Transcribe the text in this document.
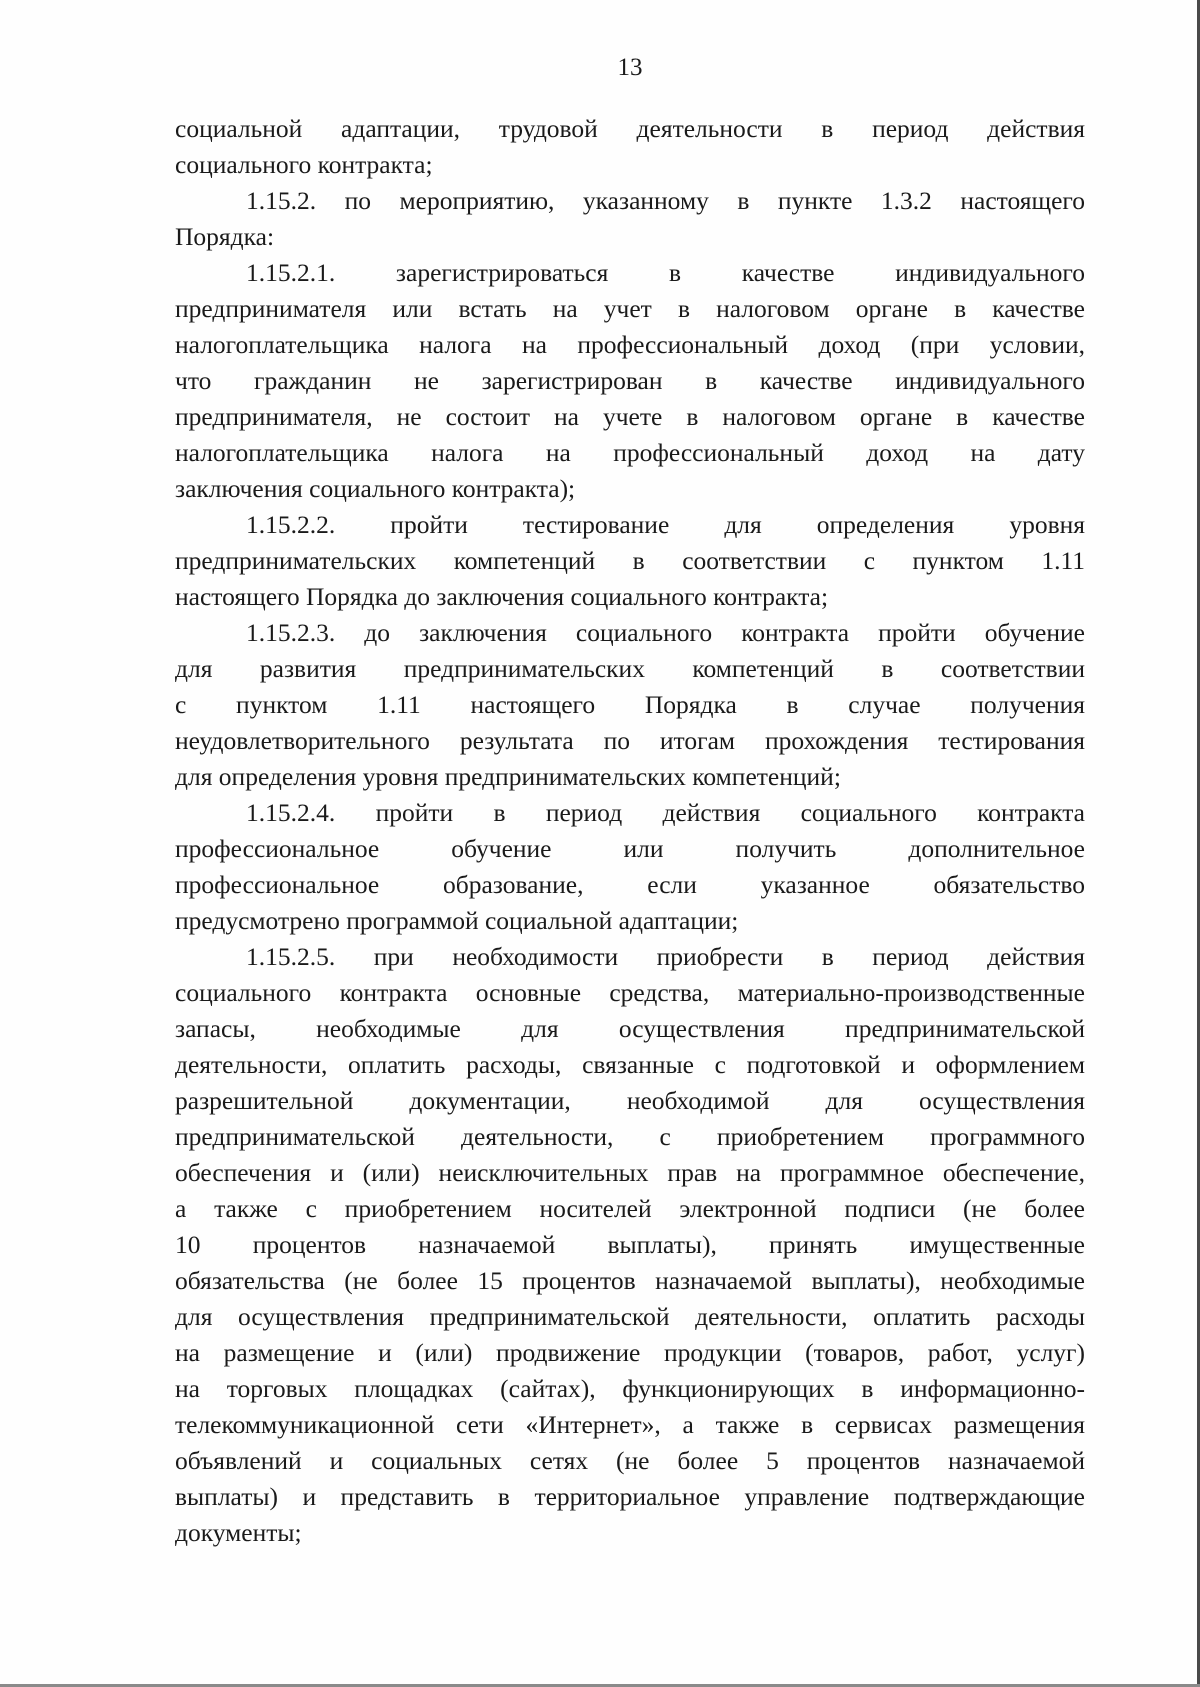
13
социальной адаптации, трудовой деятельности в период действия
социального контракта;
1.15.2. по мероприятию, указанному в пункте 1.3.2 настоящего
Порядка:
1.15.2.1. зарегистрироваться в качестве индивидуального
предпринимателя или встать на учет в налоговом органе в качестве
налогоплательщика налога на профессиональный доход (при условии,
что гражданин не зарегистрирован в качестве индивидуального
предпринимателя, не состоит на учете в налоговом органе в качестве
налогоплательщика налога на профессиональный доход на дату
заключения социального контракта);
1.15.2.2. пройти тестирование для определения уровня
предпринимательских компетенций в соответствии с пунктом 1.11
настоящего Порядка до заключения социального контракта;
1.15.2.3. до заключения социального контракта пройти обучение
для развития предпринимательских компетенций в соответствии
с пунктом 1.11 настоящего Порядка в случае получения
неудовлетворительного результата по итогам прохождения тестирования
для определения уровня предпринимательских компетенций;
1.15.2.4. пройти в период действия социального контракта
профессиональное обучение или получить дополнительное
профессиональное образование, если указанное обязательство
предусмотрено программой социальной адаптации;
1.15.2.5. при необходимости приобрести в период действия
социального контракта основные средства, материально-производственные
запасы, необходимые для осуществления предпринимательской
деятельности, оплатить расходы, связанные с подготовкой и оформлением
разрешительной документации, необходимой для осуществления
предпринимательской деятельности, с приобретением программного
обеспечения и (или) неисключительных прав на программное обеспечение,
а также с приобретением носителей электронной подписи (не более
10 процентов назначаемой выплаты), принять имущественные
обязательства (не более 15 процентов назначаемой выплаты), необходимые
для осуществления предпринимательской деятельности, оплатить расходы
на размещение и (или) продвижение продукции (товаров, работ, услуг)
на торговых площадках (сайтах), функционирующих в информационно-
телекоммуникационной сети «Интернет», а также в сервисах размещения
объявлений и социальных сетях (не более 5 процентов назначаемой
выплаты) и представить в территориальное управление подтверждающие
документы;
